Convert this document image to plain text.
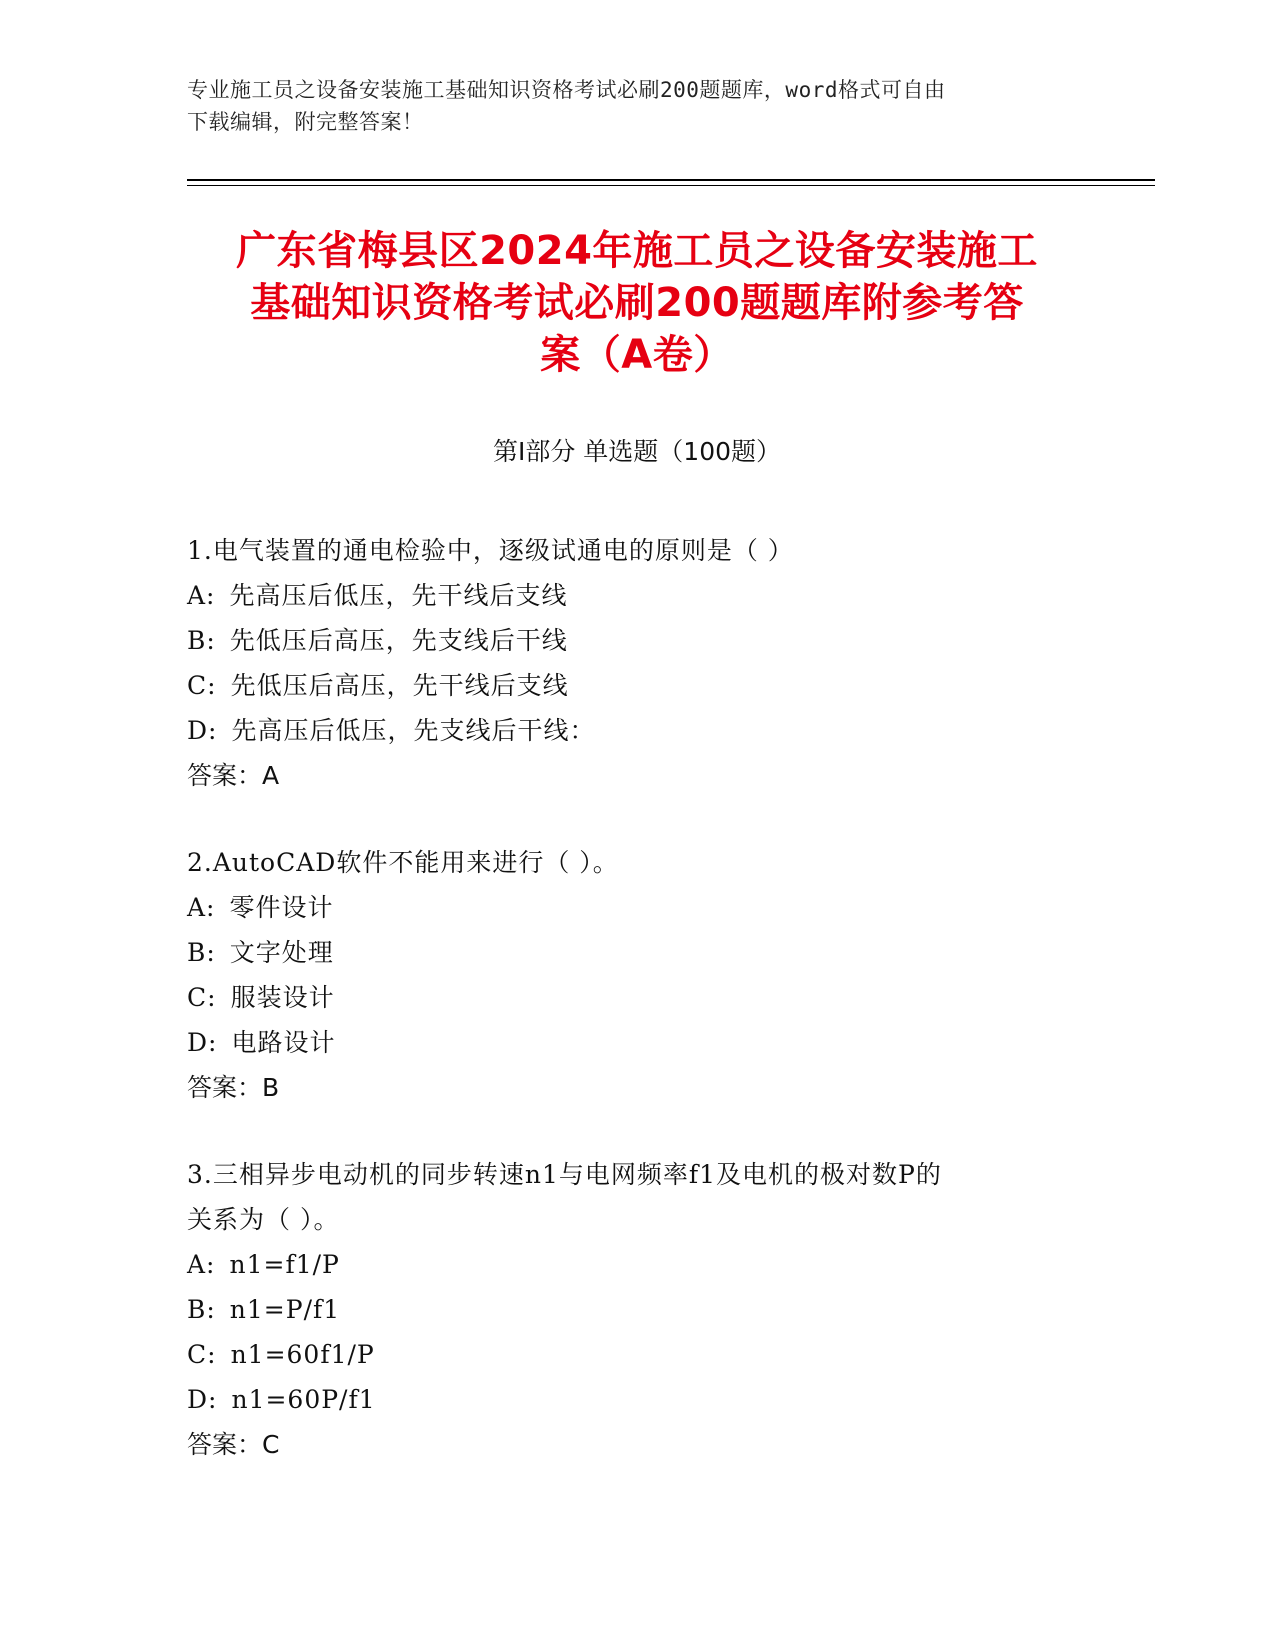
专业施工员之设备安装施工基础知识资格考试必刷200题题库，word格式可自由
下载编辑，附完整答案！
广东省梅县区2024年施工员之设备安装施工
基础知识资格考试必刷200题题库附参考答
案（A卷）
第Ⅰ部分 单选题（100题）
1.电气装置的通电检验中，逐级试通电的原则是（ ）
A: 先高压后低压，先干线后支线
B: 先低压后高压，先支线后干线
C: 先低压后高压，先干线后支线
D: 先高压后低压，先支线后干线：
答案：A
2.AutoCAD软件不能用来进行（ ）。
A: 零件设计
B: 文字处理
C: 服装设计
D: 电路设计
答案：B
3.三相异步电动机的同步转速n1与电网频率f1及电机的极对数P的
关系为（ ）。
A: n1=f1/P
B: n1=P/f1
C: n1=60f1/P
D: n1=60P/f1
答案：C
